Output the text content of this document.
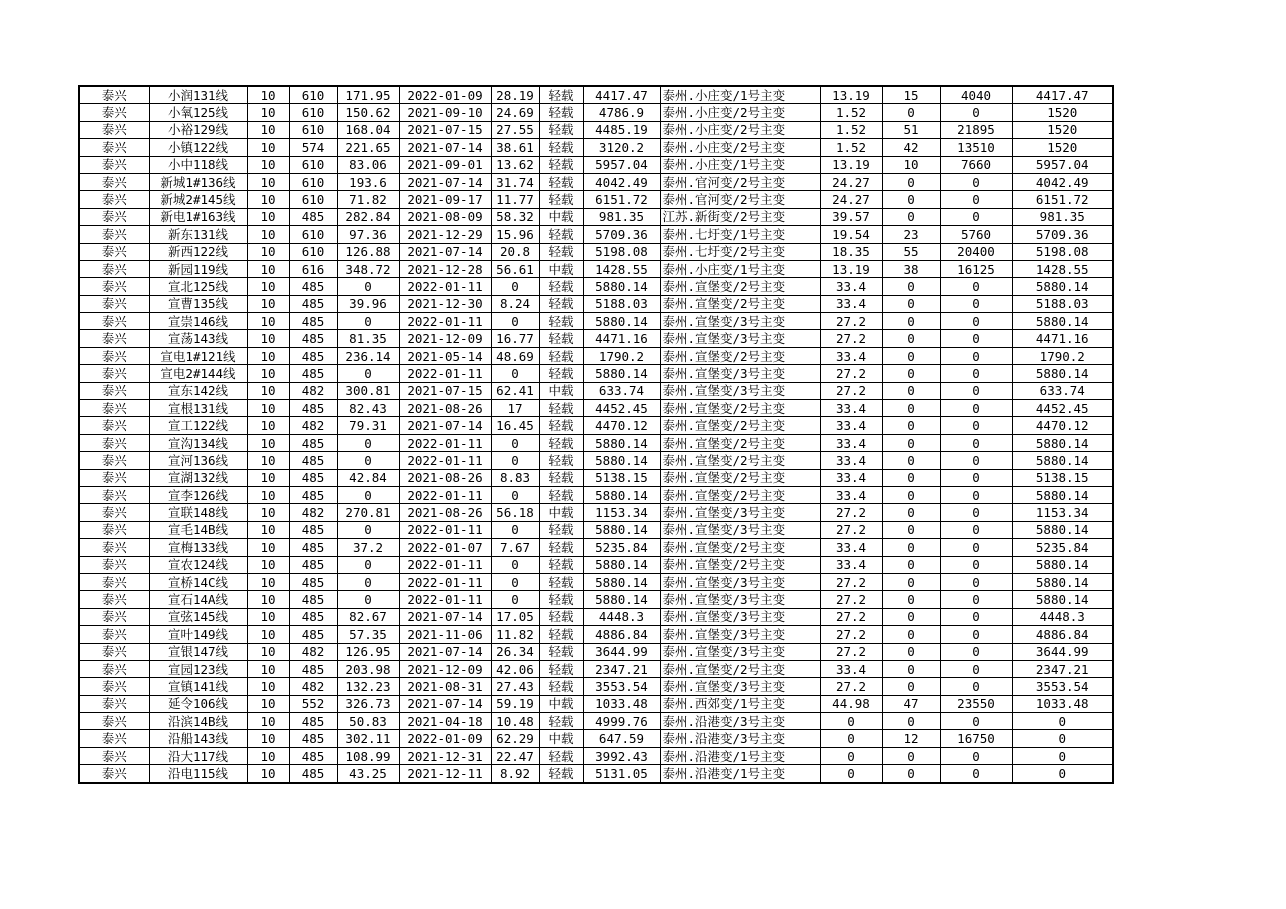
泰兴	小润131线	10	610	171.95	2022-01-09	28.19	轻载	4417.47	泰州.小庄变/1号主变	13.19	15	4040	4417.47
泰兴	小氧125线	10	610	150.62	2021-09-10	24.69	轻载	4786.9	泰州.小庄变/2号主变	1.52	0	0	1520
泰兴	小裕129线	10	610	168.04	2021-07-15	27.55	轻载	4485.19	泰州.小庄变/2号主变	1.52	51	21895	1520
泰兴	小镇122线	10	574	221.65	2021-07-14	38.61	轻载	3120.2	泰州.小庄变/2号主变	1.52	42	13510	1520
泰兴	小中118线	10	610	83.06	2021-09-01	13.62	轻载	5957.04	泰州.小庄变/1号主变	13.19	10	7660	5957.04
泰兴	新城1#136线	10	610	193.6	2021-07-14	31.74	轻载	4042.49	泰州.官河变/2号主变	24.27	0	0	4042.49
泰兴	新城2#145线	10	610	71.82	2021-09-17	11.77	轻载	6151.72	泰州.官河变/2号主变	24.27	0	0	6151.72
泰兴	新电1#163线	10	485	282.84	2021-08-09	58.32	中载	981.35	江苏.新街变/2号主变	39.57	0	0	981.35
泰兴	新东131线	10	610	97.36	2021-12-29	15.96	轻载	5709.36	泰州.七圩变/1号主变	19.54	23	5760	5709.36
泰兴	新西122线	10	610	126.88	2021-07-14	20.8	轻载	5198.08	泰州.七圩变/2号主变	18.35	55	20400	5198.08
泰兴	新园119线	10	616	348.72	2021-12-28	56.61	中载	1428.55	泰州.小庄变/1号主变	13.19	38	16125	1428.55
泰兴	宣北125线	10	485	0	2022-01-11	0	轻载	5880.14	泰州.宣堡变/2号主变	33.4	0	0	5880.14
泰兴	宣曹135线	10	485	39.96	2021-12-30	8.24	轻载	5188.03	泰州.宣堡变/2号主变	33.4	0	0	5188.03
泰兴	宣崇146线	10	485	0	2022-01-11	0	轻载	5880.14	泰州.宣堡变/3号主变	27.2	0	0	5880.14
泰兴	宣荡143线	10	485	81.35	2021-12-09	16.77	轻载	4471.16	泰州.宣堡变/3号主变	27.2	0	0	4471.16
泰兴	宣电1#121线	10	485	236.14	2021-05-14	48.69	轻载	1790.2	泰州.宣堡变/2号主变	33.4	0	0	1790.2
泰兴	宣电2#144线	10	485	0	2022-01-11	0	轻载	5880.14	泰州.宣堡变/3号主变	27.2	0	0	5880.14
泰兴	宣东142线	10	482	300.81	2021-07-15	62.41	中载	633.74	泰州.宣堡变/3号主变	27.2	0	0	633.74
泰兴	宣根131线	10	485	82.43	2021-08-26	17	轻载	4452.45	泰州.宣堡变/2号主变	33.4	0	0	4452.45
泰兴	宣工122线	10	482	79.31	2021-07-14	16.45	轻载	4470.12	泰州.宣堡变/2号主变	33.4	0	0	4470.12
泰兴	宣沟134线	10	485	0	2022-01-11	0	轻载	5880.14	泰州.宣堡变/2号主变	33.4	0	0	5880.14
泰兴	宣河136线	10	485	0	2022-01-11	0	轻载	5880.14	泰州.宣堡变/2号主变	33.4	0	0	5880.14
泰兴	宣湖132线	10	485	42.84	2021-08-26	8.83	轻载	5138.15	泰州.宣堡变/2号主变	33.4	0	0	5138.15
泰兴	宣李126线	10	485	0	2022-01-11	0	轻载	5880.14	泰州.宣堡变/2号主变	33.4	0	0	5880.14
泰兴	宣联148线	10	482	270.81	2021-08-26	56.18	中载	1153.34	泰州.宣堡变/3号主变	27.2	0	0	1153.34
泰兴	宣毛14B线	10	485	0	2022-01-11	0	轻载	5880.14	泰州.宣堡变/3号主变	27.2	0	0	5880.14
泰兴	宣梅133线	10	485	37.2	2022-01-07	7.67	轻载	5235.84	泰州.宣堡变/2号主变	33.4	0	0	5235.84
泰兴	宣农124线	10	485	0	2022-01-11	0	轻载	5880.14	泰州.宣堡变/2号主变	33.4	0	0	5880.14
泰兴	宣桥14C线	10	485	0	2022-01-11	0	轻载	5880.14	泰州.宣堡变/3号主变	27.2	0	0	5880.14
泰兴	宣石14A线	10	485	0	2022-01-11	0	轻载	5880.14	泰州.宣堡变/3号主变	27.2	0	0	5880.14
泰兴	宣弦145线	10	485	82.67	2021-07-14	17.05	轻载	4448.3	泰州.宣堡变/3号主变	27.2	0	0	4448.3
泰兴	宣叶149线	10	485	57.35	2021-11-06	11.82	轻载	4886.84	泰州.宣堡变/3号主变	27.2	0	0	4886.84
泰兴	宣银147线	10	482	126.95	2021-07-14	26.34	轻载	3644.99	泰州.宣堡变/3号主变	27.2	0	0	3644.99
泰兴	宣园123线	10	485	203.98	2021-12-09	42.06	轻载	2347.21	泰州.宣堡变/2号主变	33.4	0	0	2347.21
泰兴	宣镇141线	10	482	132.23	2021-08-31	27.43	轻载	3553.54	泰州.宣堡变/3号主变	27.2	0	0	3553.54
泰兴	延令106线	10	552	326.73	2021-07-14	59.19	中载	1033.48	泰州.西郊变/1号主变	44.98	47	23550	1033.48
泰兴	沿滨14B线	10	485	50.83	2021-04-18	10.48	轻载	4999.76	泰州.沿港变/3号主变	0	0	0	0
泰兴	沿船143线	10	485	302.11	2022-01-09	62.29	中载	647.59	泰州.沿港变/3号主变	0	12	16750	0
泰兴	沿大117线	10	485	108.99	2021-12-31	22.47	轻载	3992.43	泰州.沿港变/1号主变	0	0	0	0
泰兴	沿电115线	10	485	43.25	2021-12-11	8.92	轻载	5131.05	泰州.沿港变/1号主变	0	0	0	0
